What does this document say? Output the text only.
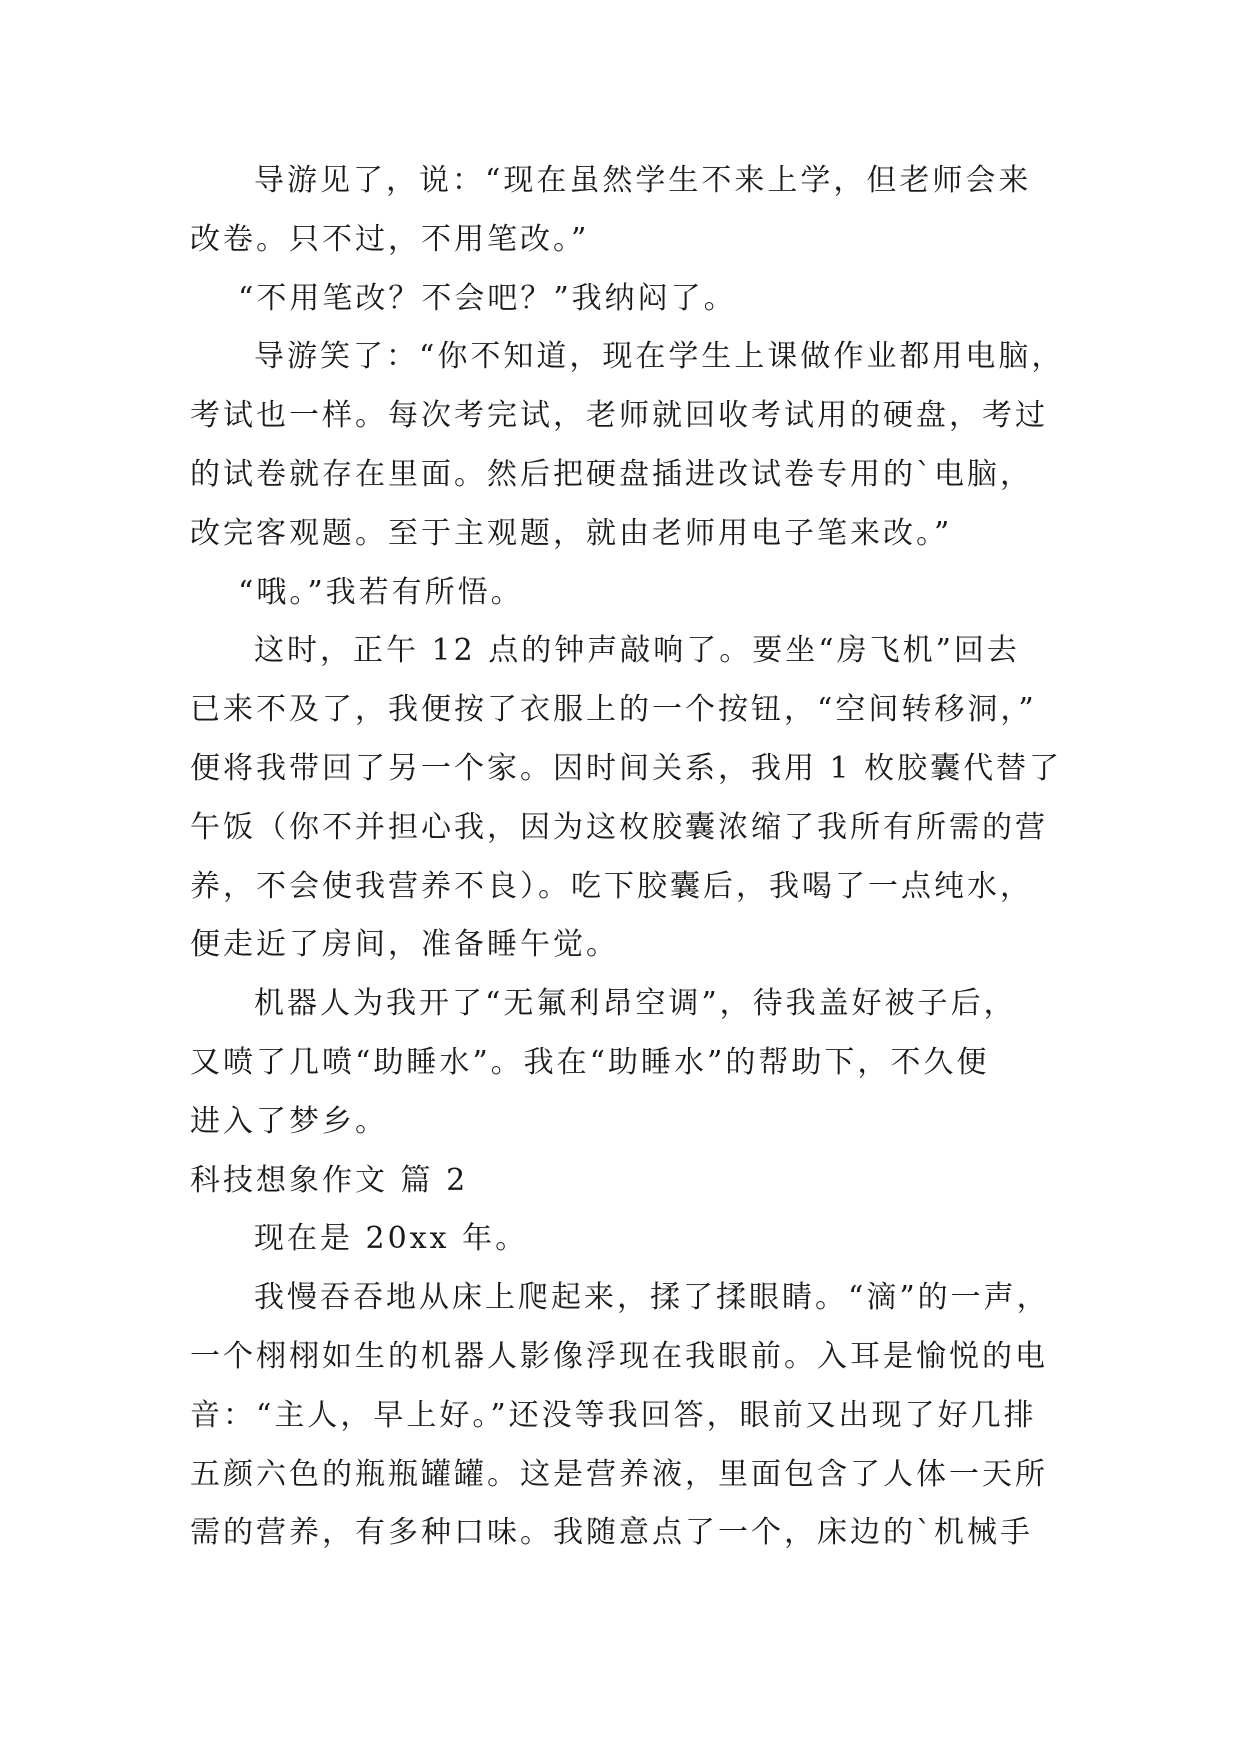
导游见了，说：“现在虽然学生不来上学，但老师会来
改卷。只不过，不用笔改。”
“不用笔改？不会吧？”我纳闷了。
导游笑了：“你不知道，现在学生上课做作业都用电脑，
考试也一样。每次考完试，老师就回收考试用的硬盘，考过
的试卷就存在里面。然后把硬盘插进改试卷专用的`电脑，
改完客观题。至于主观题，就由老师用电子笔来改。”
“哦。”我若有所悟。
这时，正午 12 点的钟声敲响了。要坐“房飞机”回去
已来不及了，我便按了衣服上的一个按钮，“空间转移洞，”
便将我带回了另一个家。因时间关系，我用 1 枚胶囊代替了
午饭（你不并担心我，因为这枚胶囊浓缩了我所有所需的营
养，不会使我营养不良）。吃下胶囊后，我喝了一点纯水，
便走近了房间，准备睡午觉。
机器人为我开了“无氟利昂空调”，待我盖好被子后，
又喷了几喷“助睡水”。我在“助睡水”的帮助下，不久便
进入了梦乡。
科技想象作文 篇 2
现在是 20xx 年。
我慢吞吞地从床上爬起来，揉了揉眼睛。“滴”的一声，
一个栩栩如生的机器人影像浮现在我眼前。入耳是愉悦的电
音：“主人，早上好。”还没等我回答，眼前又出现了好几排
五颜六色的瓶瓶罐罐。这是营养液，里面包含了人体一天所
需的营养，有多种口味。我随意点了一个，床边的`机械手
